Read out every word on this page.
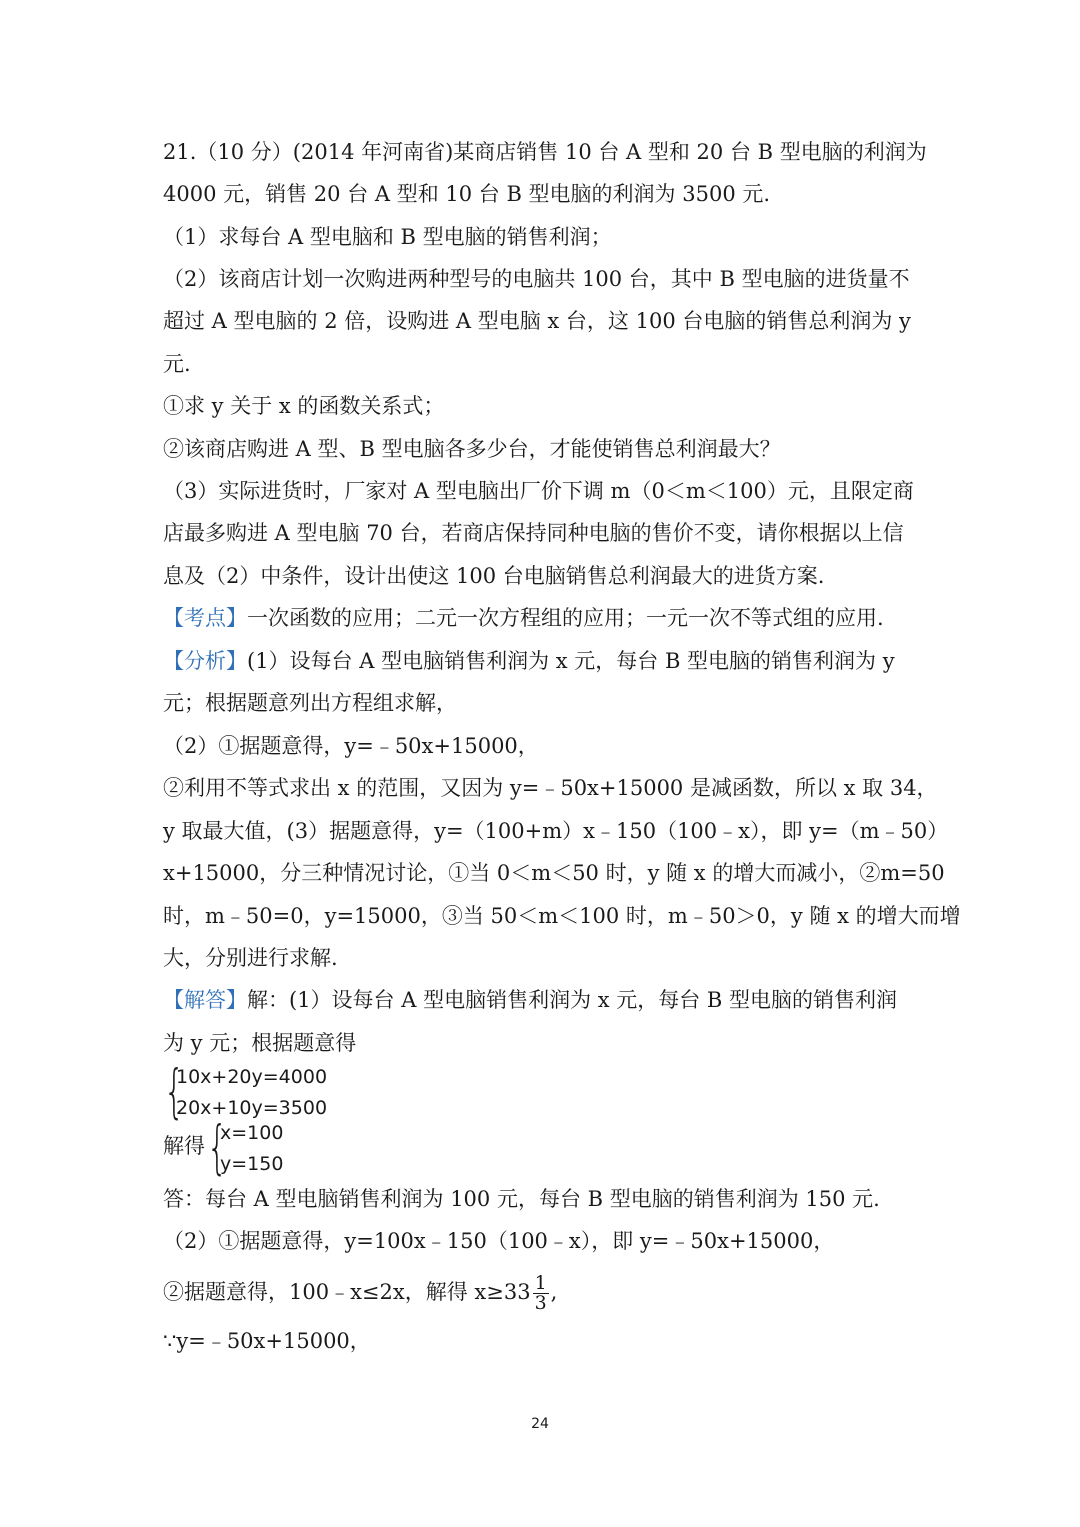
21.（10 分）(2014 年河南省)某商店销售 10 台 A 型和 20 台 B 型电脑的利润为
4000 元，销售 20 台 A 型和 10 台 B 型电脑的利润为 3500 元.
（1）求每台 A 型电脑和 B 型电脑的销售利润；
（2）该商店计划一次购进两种型号的电脑共 100 台，其中 B 型电脑的进货量不
超过 A 型电脑的 2 倍，设购进 A 型电脑 x 台，这 100 台电脑的销售总利润为 y
元.
①求 y 关于 x 的函数关系式；
②该商店购进 A 型、B 型电脑各多少台，才能使销售总利润最大？
（3）实际进货时，厂家对 A 型电脑出厂价下调 m（0＜m＜100）元，且限定商
店最多购进 A 型电脑 70 台，若商店保持同种电脑的售价不变，请你根据以上信
息及（2）中条件，设计出使这 100 台电脑销售总利润最大的进货方案.
【考点】一次函数的应用；二元一次方程组的应用；一元一次不等式组的应用.
【分析】(1）设每台 A 型电脑销售利润为 x 元，每台 B 型电脑的销售利润为 y
元；根据题意列出方程组求解，
（2）①据题意得，y=﹣50x+15000，
②利用不等式求出 x 的范围，又因为 y=﹣50x+15000 是减函数，所以 x 取 34，
y 取最大值，(3）据题意得，y=（100+m）x﹣150（100﹣x），即 y=（m﹣50）
x+15000，分三种情况讨论，①当 0＜m＜50 时，y 随 x 的增大而减小，②m=50
时，m﹣50=0，y=15000，③当 50＜m＜100 时，m﹣50＞0，y 随 x 的增大而增
大，分别进行求解.
【解答】解：(1）设每台 A 型电脑销售利润为 x 元，每台 B 型电脑的销售利润
为 y 元；根据题意得
{
10x+20y=4000
20x+10y=3500
解得 {
x=100
y=150
答：每台 A 型电脑销售利润为 100 元，每台 B 型电脑的销售利润为 150 元.
（2）①据题意得，y=100x﹣150（100﹣x），即 y=﹣50x+15000，
②据题意得，100﹣x≤2x，解得 $x\ge 33 \frac{1}{3}$ ,
∵y=﹣50x+15000，
24
